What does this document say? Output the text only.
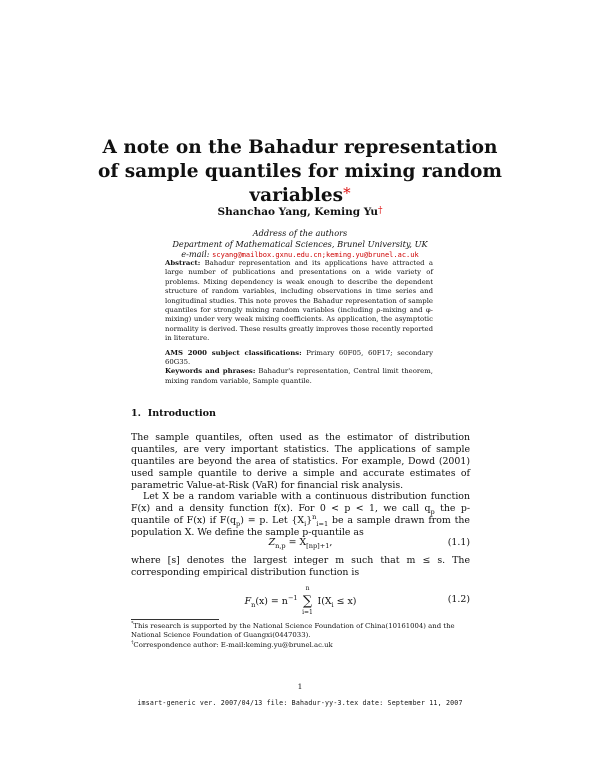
A note on the Bahadur representation
of sample quantiles for mixing random
variables*
Shanchao Yang, Keming Yu†
Address of the authors
Department of Mathematical Sciences, Brunel University, UK
e-mail: scyang@mailbox.gxnu.edu.cn;keming.yu@brunel.ac.uk
Abstract: Bahadur representation and its applications have attracted a large number of publications and presentations on a wide variety of problems. Mixing dependency is weak enough to describe the dependent structure of random variables, including observations in time series and longitudinal studies. This note proves the Bahadur representation of sample quantiles for strongly mixing random variables (including ρ-mixing and φ-mixing) under very weak mixing coefficients. As application, the asymptotic normality is derived. These results greatly improves those recently reported in literature.
AMS 2000 subject classifications: Primary 60F05, 60F17; secondary 60G35.
Keywords and phrases: Bahadur's representation, Central limit theorem, mixing random variable, Sample quantile.
1. Introduction
The sample quantiles, often used as the estimator of distribution quantiles, are very important statistics. The applications of sample quantiles are beyond the area of statistics. For example, Dowd (2001) used sample quantile to derive a simple and accurate estimates of parametric Value-at-Risk (VaR) for financial risk analysis.
Let X be a random variable with a continuous distribution function F(x) and a density function f(x). For 0 < p < 1, we call $q_p$ the p-quantile of F(x) if $F(q_p) = p$. Let $\{X_i\}^n_{i=1}$ be a sample drawn from the population X. We define the sample p-quantile as
$Z_{n,p} = X_{[np]+1}$,	(1.1)
where [s] denotes the largest integer m such that m ≤ s. The corresponding empirical distribution function is
$F_n(x) = n^{-1}$
n
∑
i=1
$I(X_i \le x)$	(1.2)
*This research is supported by the National Science Foundation of China(10161004) and the National Science Foundation of Guangxi(0447033).
†Correspondence author: E-mail:keming.yu@brunel.ac.uk
1
imsart-generic ver. 2007/04/13 file: Bahadur-yy-3.tex date: September 11, 2007
